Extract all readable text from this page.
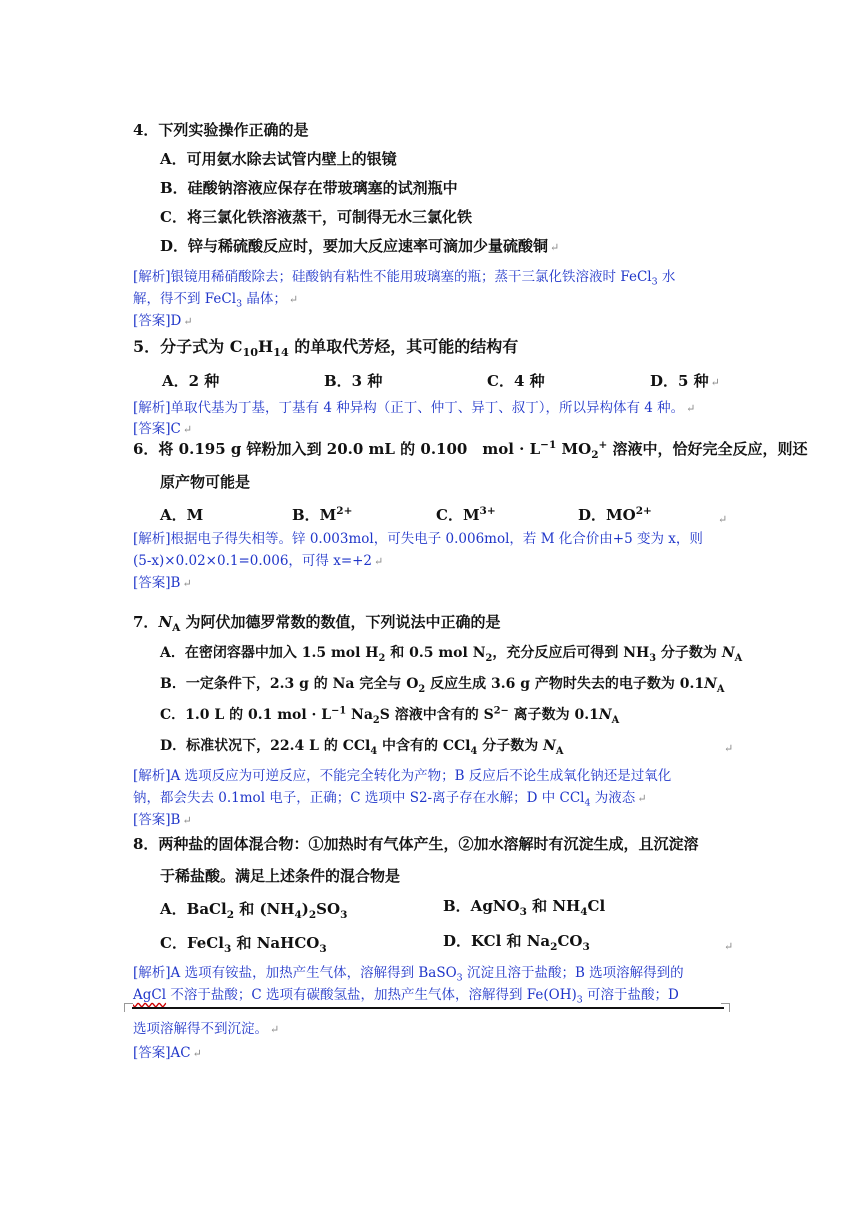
4．下列实验操作正确的是
A．可用氨水除去试管内壁上的银镜
B．硅酸钠溶液应保存在带玻璃塞的试剂瓶中
C．将三氯化铁溶液蒸干，可制得无水三氯化铁
D．锌与稀硫酸反应时，要加大反应速率可滴加少量硫酸铜 ↵
[解析]银镜用稀硝酸除去；硅酸钠有粘性不能用玻璃塞的瓶；蒸干三氯化铁溶液时 FeCl$_3$ 水
解，得不到 FeCl$_3$ 晶体； ↵
[答案]D ↵
5．分子式为 $C_{10}H_{14}$ 的单取代芳烃，其可能的结构有
A．2 种	B．3 种	C．4 种	D．5 种 ↵
[解析]单取代基为丁基，丁基有 4 种异构（正丁、仲丁、异丁、叔丁），所以异构体有 4 种。 ↵
[答案]C ↵
6．将 0.195 g 锌粉加入到 20.0 mL 的 0.100　mol · $L^{-1}$ $MO_2^+$ 溶液中，恰好完全反应，则还
原产物可能是
A．M	B．$M^{2+}$	C．$M^{3+}$	D．$MO^{2+}$
↵
[解析]根据电子得失相等。锌 0.003mol，可失电子 0.006mol，若 M 化合价由+5 变为 x，则
(5-x)×0.02×0.1=0.006，可得 x=+2 ↵
[答案]B ↵
7．$N_A$ 为阿伏加德罗常数的数值，下列说法中正确的是
A．在密闭容器中加入 1.5 mol $H_2$ 和 0.5 mol $N_2$，充分反应后可得到 $NH_3$ 分子数为 $N_A$
B．一定条件下，2.3 g 的 Na 完全与 $O_2$ 反应生成 3.6 g 产物时失去的电子数为 $0.1N_A$
C．1.0 L 的 0.1 mol · $L^{-1}$ $Na_2S$ 溶液中含有的 $S^{2-}$ 离子数为 $0.1N_A$
D．标准状况下，22.4 L 的 CCl$_4$ 中含有的 CCl$_4$ 分子数为 $N_A$	↵
[解析]A 选项反应为可逆反应，不能完全转化为产物；B 反应后不论生成氧化钠还是过氧化
钠，都会失去 0.1mol 电子，正确；C 选项中 S2-离子存在水解；D 中 CCl$_4$ 为液态 ↵
[答案]B ↵
8．两种盐的固体混合物：①加热时有气体产生，②加水溶解时有沉淀生成，且沉淀溶
于稀盐酸。满足上述条件的混合物是
A．BaCl$_2$ 和 $(NH_4)_2SO_3$	B．AgNO$_3$ 和 $NH_4Cl$
C．FeCl$_3$ 和 NaHCO$_3$	D．KCl 和 $Na_2CO_3$	↵
[解析]A 选项有铵盐，加热产生气体，溶解得到 BaSO$_3$ 沉淀且溶于盐酸；B 选项溶解得到的
AgCl 不溶于盐酸；C 选项有碳酸氢盐，加热产生气体，溶解得到 $Fe(OH)_3$ 可溶于盐酸；D
选项溶解得不到沉淀。 ↵
[答案]AC ↵
